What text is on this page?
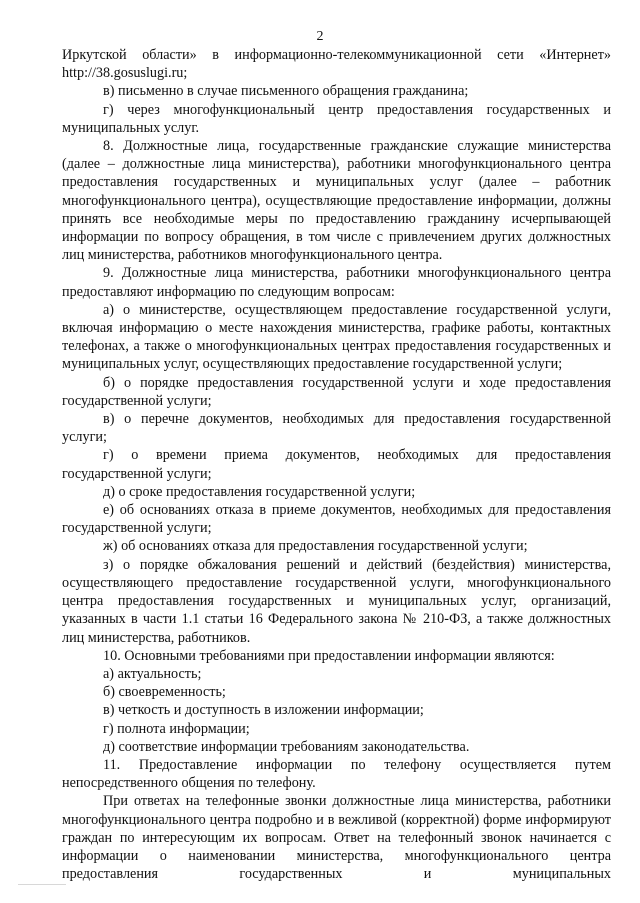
2

Иркутской области» в информационно-телекоммуникационной сети «Интернет» http://38.gosuslugi.ru;

в) письменно в случае письменного обращения гражданина;

г) через многофункциональный центр предоставления государственных и муниципальных услуг.

8. Должностные лица, государственные гражданские служащие министерства (далее – должностные лица министерства), работники многофункционального центра предоставления государственных и муниципальных услуг (далее – работник многофункционального центра), осуществляющие предоставление информации, должны принять все необходимые меры по предоставлению гражданину исчерпывающей информации по вопросу обращения, в том числе с привлечением других должностных лиц министерства, работников многофункционального центра.

9. Должностные лица министерства, работники многофункционального центра предоставляют информацию по следующим вопросам:

а) о министерстве, осуществляющем предоставление государственной услуги, включая информацию о месте нахождения министерства, графике работы, контактных телефонах, а также о многофункциональных центрах предоставления государственных и муниципальных услуг, осуществляющих предоставление государственной услуги;

б) о порядке предоставления государственной услуги и ходе предоставления государственной услуги;

в) о перечне документов, необходимых для предоставления государственной услуги;

г) о времени приема документов, необходимых для предоставления государственной услуги;

д) о сроке предоставления государственной услуги;

е) об основаниях отказа в приеме документов, необходимых для предоставления государственной услуги;

ж) об основаниях отказа для предоставления государственной услуги;

з) о порядке обжалования решений и действий (бездействия) министерства, осуществляющего предоставление государственной услуги, многофункционального центра предоставления государственных и муниципальных услуг, организаций, указанных в части 1.1 статьи 16 Федерального закона № 210-ФЗ, а также должностных лиц министерства, работников.

10. Основными требованиями при предоставлении информации являются:

а) актуальность;

б) своевременность;

в) четкость и доступность в изложении информации;

г) полнота информации;

д) соответствие информации требованиям законодательства.

11. Предоставление информации по телефону осуществляется путем непосредственного общения по телефону.

При ответах на телефонные звонки должностные лица министерства, работники многофункционального центра подробно и в вежливой (корректной) форме информируют граждан по интересующим их вопросам. Ответ на телефонный звонок начинается с информации о наименовании министерства, многофункционального центра предоставления государственных и муниципальных
